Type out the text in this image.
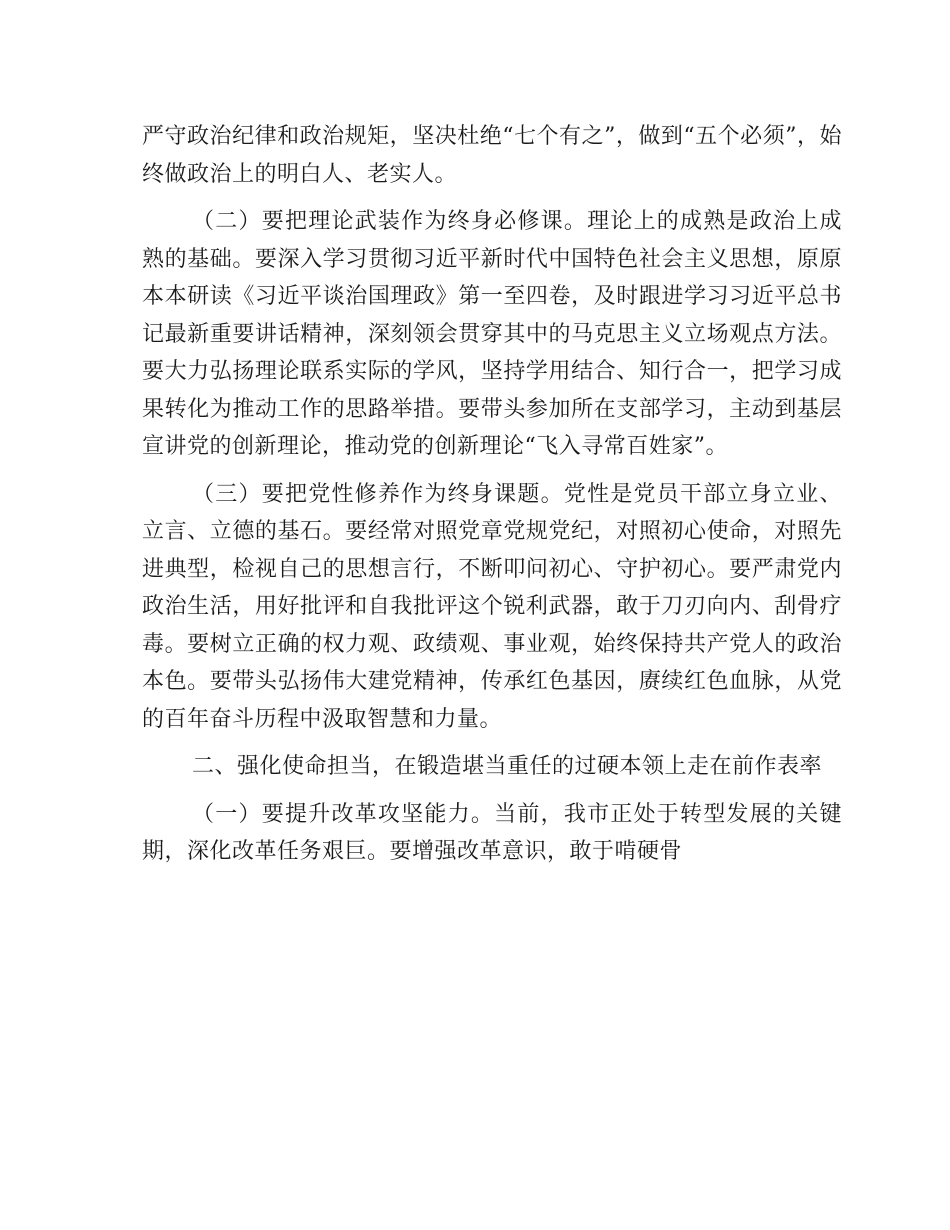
严守政治纪律和政治规矩，坚决杜绝“七个有之”，做到“五个必须”，始终做政治上的明白人、老实人。

（二）要把理论武装作为终身必修课。理论上的成熟是政治上成熟的基础。要深入学习贯彻习近平新时代中国特色社会主义思想，原原本本研读《习近平谈治国理政》第一至四卷，及时跟进学习习近平总书记最新重要讲话精神，深刻领会贯穿其中的马克思主义立场观点方法。要大力弘扬理论联系实际的学风，坚持学用结合、知行合一，把学习成果转化为推动工作的思路举措。要带头参加所在支部学习，主动到基层宣讲党的创新理论，推动党的创新理论“飞入寻常百姓家”。

（三）要把党性修养作为终身课题。党性是党员干部立身立业、立言、立德的基石。要经常对照党章党规党纪，对照初心使命，对照先进典型，检视自己的思想言行，不断叩问初心、守护初心。要严肃党内政治生活，用好批评和自我批评这个锐利武器，敢于刀刃向内、刮骨疗毒。要树立正确的权力观、政绩观、事业观，始终保持共产党人的政治本色。要带头弘扬伟大建党精神，传承红色基因，赓续红色血脉，从党的百年奋斗历程中汲取智慧和力量。

二、强化使命担当，在锻造堪当重任的过硬本领上走在前作表率

（一）要提升改革攻坚能力。当前，我市正处于转型发展的关键期，深化改革任务艰巨。要增强改革意识，敢于啃硬骨
